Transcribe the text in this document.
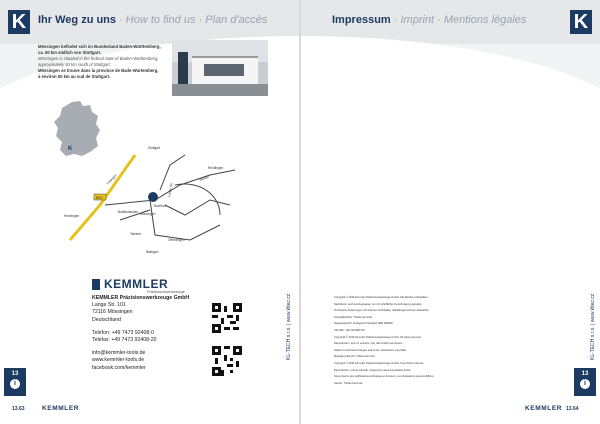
K	Ihr Weg zu uns · How to find us · Plan d'accès
Mössingen befindet sich im Bundesland Baden-Württemberg,
ca. 50 km südlich von Stuttgart.
Mössingen is situated in the federal state of Baden-Württemberg,
approximately 50 km south of Stuttgart.
Mössingen se trouve dans la province de Bade-Wurtemberg,
à environ 50 km au sud de Stuttgart.
K
B27
Tübingen
Hechingen
Stuttgart
Reutlingen
Belsen
Lange Str.
Mössingen
Talheim
Ofterdingen
Balingen
Bodelshausen
Bahnhof
KEMMLER
Präzisionswerkzeuge
KEMMLER Präzisionswerkzeuge GmbH
Lange Str. 101
72116 Mössingen
Deutschland
Telefon: +49 7473 92408-0
Telefax: +49 7473 92408-20
info@kemmler-tools.de
www.kemmler-tools.de
facebook.com/kemmler
KL-TECH s.r.o. | www.kltec.cz
13
i
13.63	KEMMLER
K
Impressum · Imprint · Mentions légales

Copyright © 2016 Kemmler Präzisionswerkzeuge GmbH. Alle Rechte vorbehalten.

Nachdruck, auch auszugsweise, nur mit schriftlicher Genehmigung gestattet.

Technische Änderungen und Irrtümer vorbehalten. Abbildungen können abweichen.

Geschäftsführer: Tobias Kemmler

Registergericht: Amtsgericht Stuttgart HRB 382039

USt-IdNr.: DE 145 868 297

Copyright © 2016 Kemmler Präzisionswerkzeuge GmbH. All rights reserved.

Reproduction, even in extracts, only with written permission.

Subject to technical changes and errors. Illustrations may differ.

Managing director: Tobias Kemmler

Copyright © 2016 Kemmler Präzisionswerkzeuge GmbH. Tous droits réservés.

Reproduction, même partielle, uniquement avec autorisation écrite.

Sous réserve de modifications techniques et d'erreurs. Les illustrations peuvent différer.

Gérant : Tobias Kemmler

KL-TECH s.r.o. | www.kltec.cz
13
i
13.64
KEMMLER
